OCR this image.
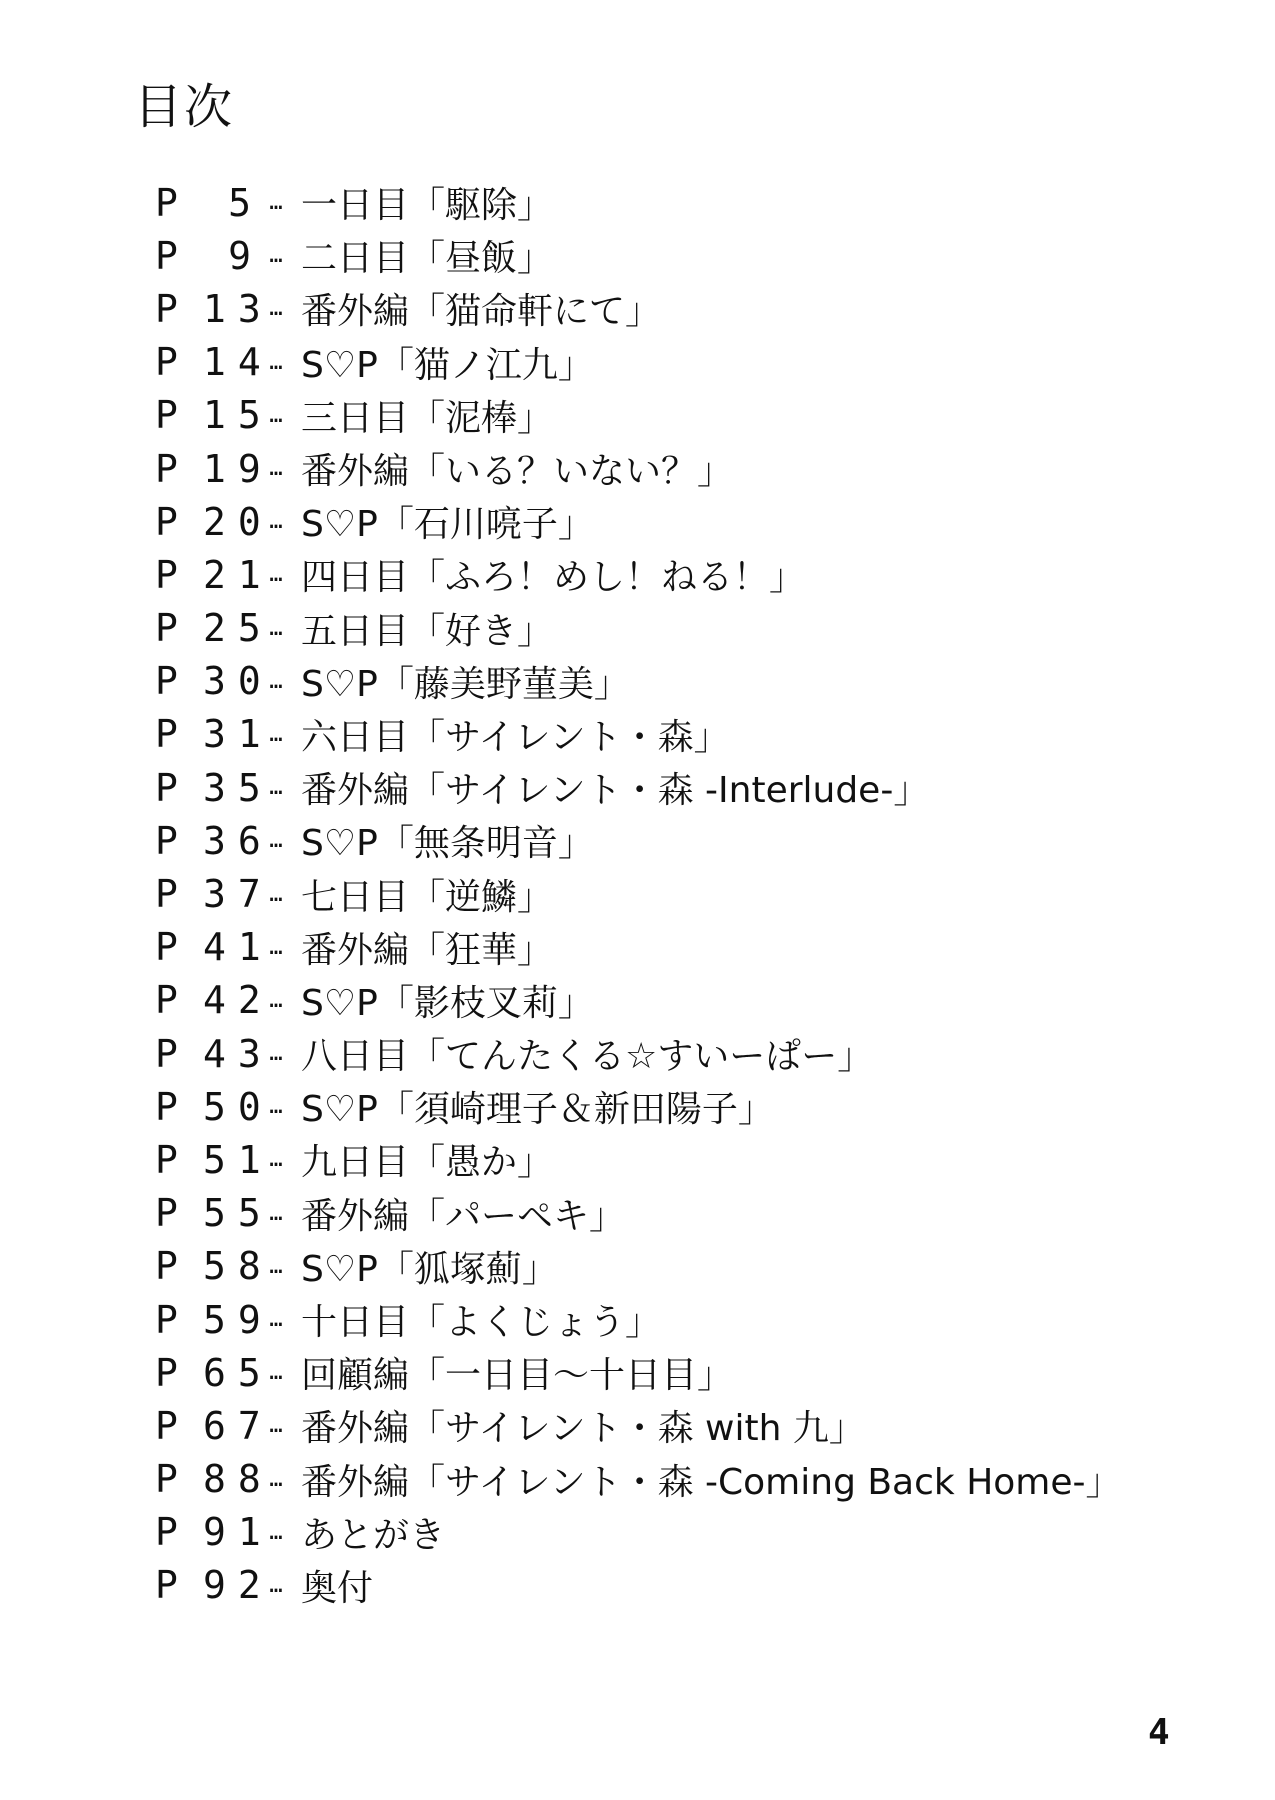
目次
P	5 … 一日目「駆除」
P	9 … 二日目「昼飯」
P 13
… 番外編「猫命軒にて」
P 14
… S♡P「猫ノ江九」
P 15
… 三日目「泥棒」
P 19
… 番外編「いる？いない？」
P 20
… S♡P「石川喨子」
P 21
… 四日目「ふろ！めし！ねる！」
P 25
… 五日目「好き」
P 30
… S♡P「藤美野菫美」
P 31
… 六日目「サイレント・森」
P 35
… 番外編「サイレント・森 -Interlude-」
P 36
… S♡P「無条明音」
P 37
… 七日目「逆鱗」
P 41
… 番外編「狂華」
P 42
… S♡P「影枝叉莉」
P 43
… 八日目「てんたくる☆すいーぱー」
P 50
… S♡P「須崎理子＆新田陽子」
P 51
… 九日目「愚か」
P 55
… 番外編「パーペキ」
P 58
… S♡P「狐塚薊」
P 59
… 十日目「よくじょう」
P 65
… 回顧編「一日目～十日目」
P 67
… 番外編「サイレント・森 with 九」
P 88
… 番外編「サイレント・森 -Coming Back Home-」
P 91
… あとがき
P 92
… 奥付
4
